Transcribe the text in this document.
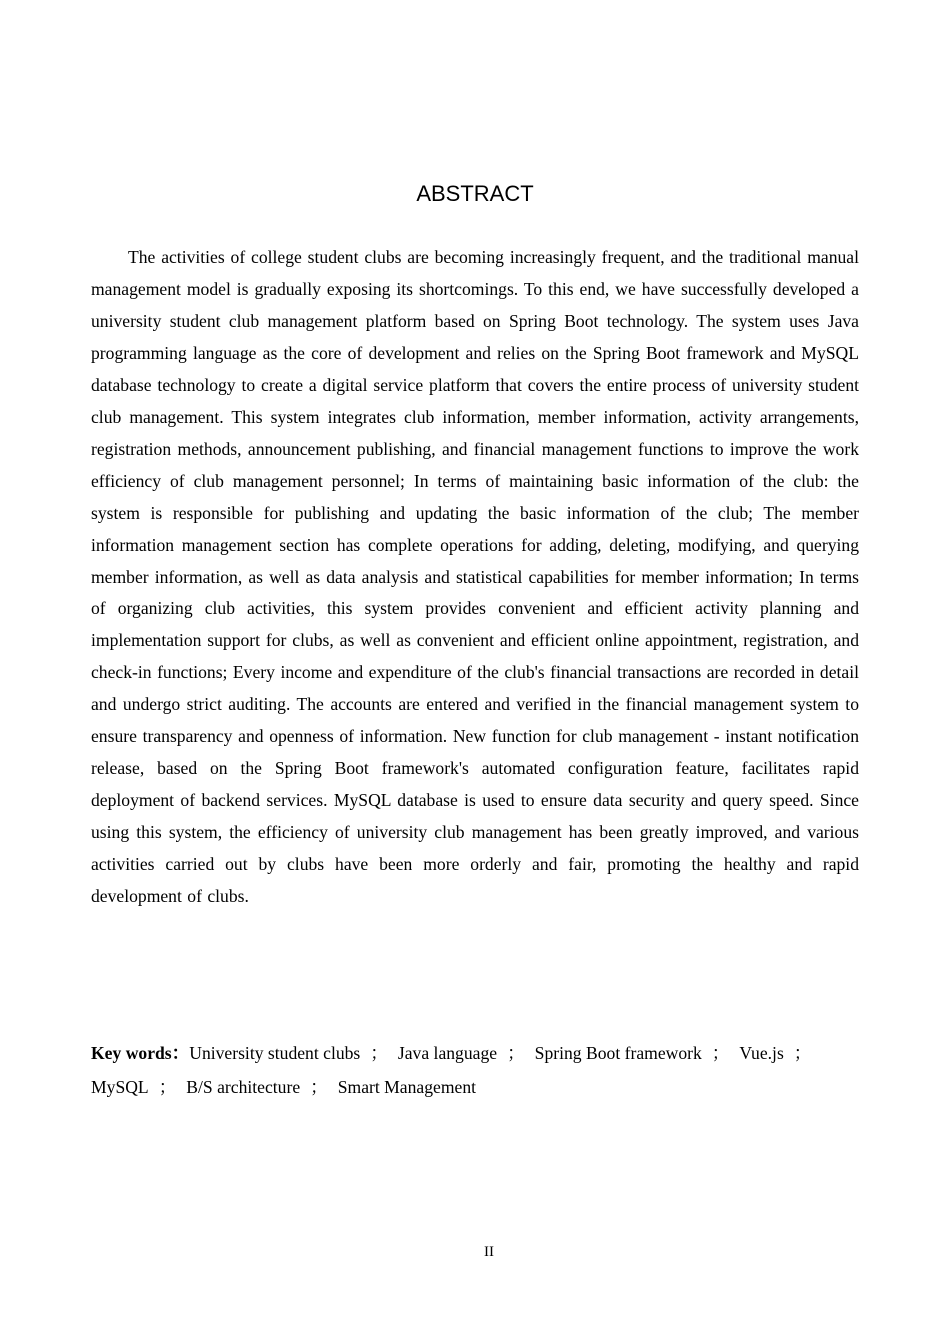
ABSTRACT

The activities of college student clubs are becoming increasingly frequent, and the traditional manual management model is gradually exposing its shortcomings. To this end, we have successfully developed a university student club management platform based on Spring Boot technology. The system uses Java programming language as the core of development and relies on the Spring Boot framework and MySQL database technology to create a digital service platform that covers the entire process of university student club management. This system integrates club information, member information, activity arrangements, registration methods, announcement publishing, and financial management functions to improve the work efficiency of club management personnel; In terms of maintaining basic information of the club: the system is responsible for publishing and updating the basic information of the club; The member information management section has complete operations for adding, deleting, modifying, and querying member information, as well as data analysis and statistical capabilities for member information; In terms of organizing club activities, this system provides convenient and efficient activity planning and implementation support for clubs, as well as convenient and efficient online appointment, registration, and check-in functions; Every income and expenditure of the club's financial transactions are recorded in detail and undergo strict auditing. The accounts are entered and verified in the financial management system to ensure transparency and openness of information. New function for club management - instant notification release, based on the Spring Boot framework's automated configuration feature, facilitates rapid deployment of backend services. MySQL database is used to ensure data security and query speed. Since using this system, the efficiency of university club management has been greatly improved, and various activities carried out by clubs have been more orderly and fair, promoting the healthy and rapid development of clubs.

Key words：University student clubs ； Java language ； Spring Boot framework ； Vue.js ；
MySQL ； B/S architecture ； Smart Management

II
